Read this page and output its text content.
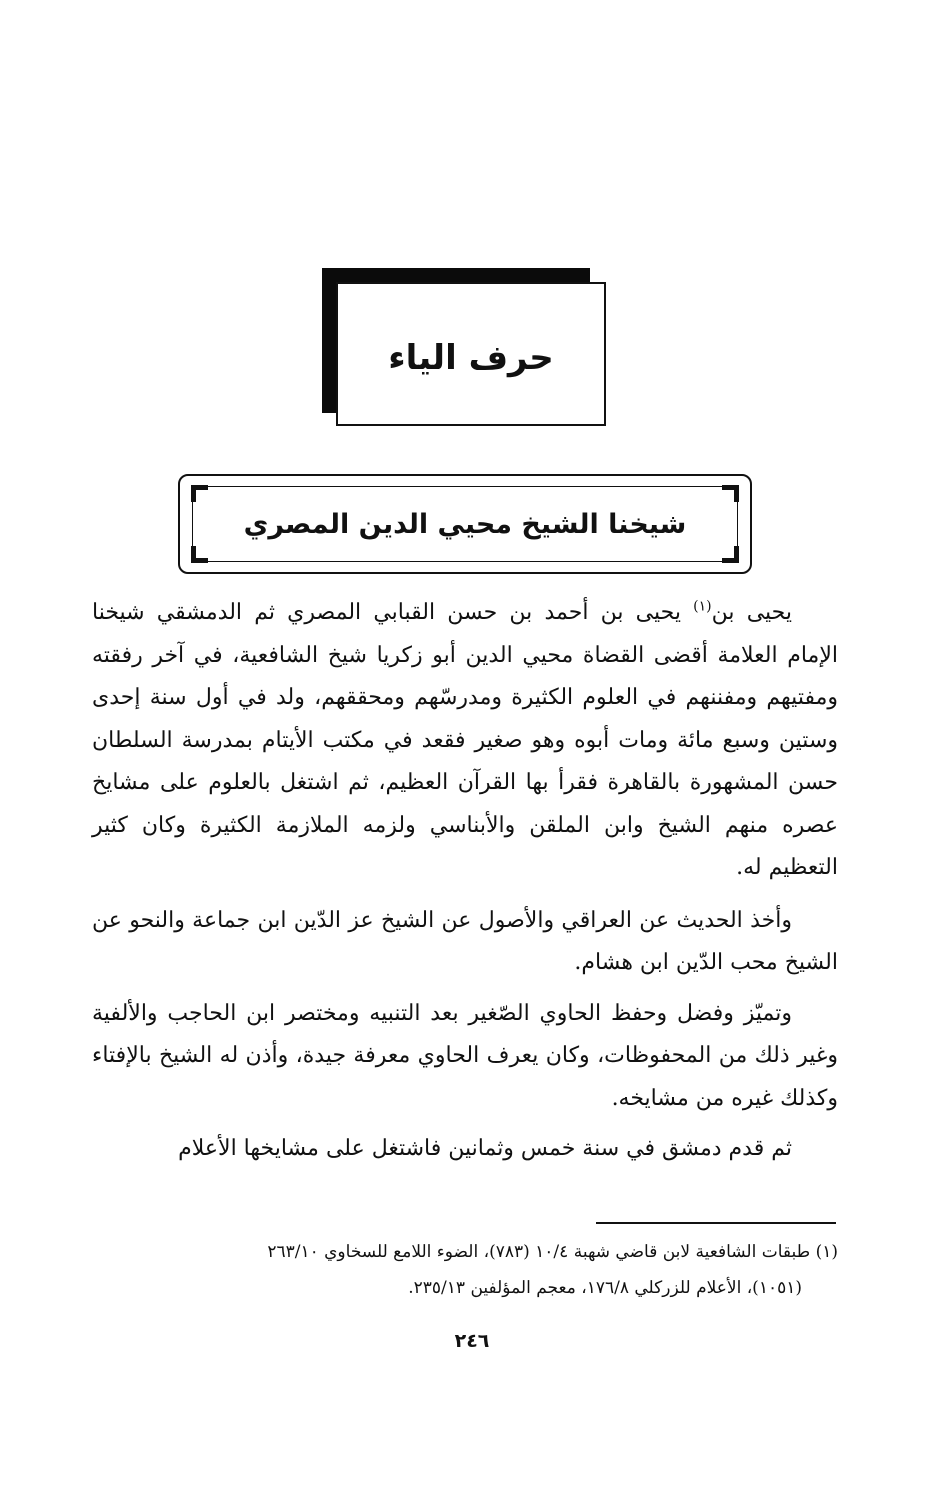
حرف الياء
شيخنا الشيخ محيي الدين المصري

يحيى بن$^{(١)}$ يحيى بن أحمد بن حسن القبابي المصري ثم الدمشقي شيخنا الإمام العلامة أقضى القضاة محيي الدين أبو زكريا شيخ الشافعية، في آخر رفقته ومفتيهم ومفننهم في العلوم الكثيرة ومدرسّهم ومحققهم، ولد في أول سنة إحدى وستين وسبع مائة ومات أبوه وهو صغير فقعد في مكتب الأيتام بمدرسة السلطان حسن المشهورة بالقاهرة فقرأ بها القرآن العظيم، ثم اشتغل بالعلوم على مشايخ عصره منهم الشيخ وابن الملقن والأبناسي ولزمه الملازمة الكثيرة وكان كثير التعظيم له.

وأخذ الحديث عن العراقي والأصول عن الشيخ عز الدّين ابن جماعة والنحو عن الشيخ محب الدّين ابن هشام.

وتميّز وفضل وحفظ الحاوي الصّغير بعد التنبيه ومختصر ابن الحاجب والألفية وغير ذلك من المحفوظات، وكان يعرف الحاوي معرفة جيدة، وأذن له الشيخ بالإفتاء وكذلك غيره من مشايخه.

ثم قدم دمشق في سنة خمس وثمانين فاشتغل على مشايخها الأعلام

(١) طبقات الشافعية لابن قاضي شهبة ١٠/٤ (٧٨٣)، الضوء اللامع للسخاوي ٢٦٣/١٠
(١٠٥١)، الأعلام للزركلي ١٧٦/٨، معجم المؤلفين ٢٣٥/١٣.
٢٤٦
